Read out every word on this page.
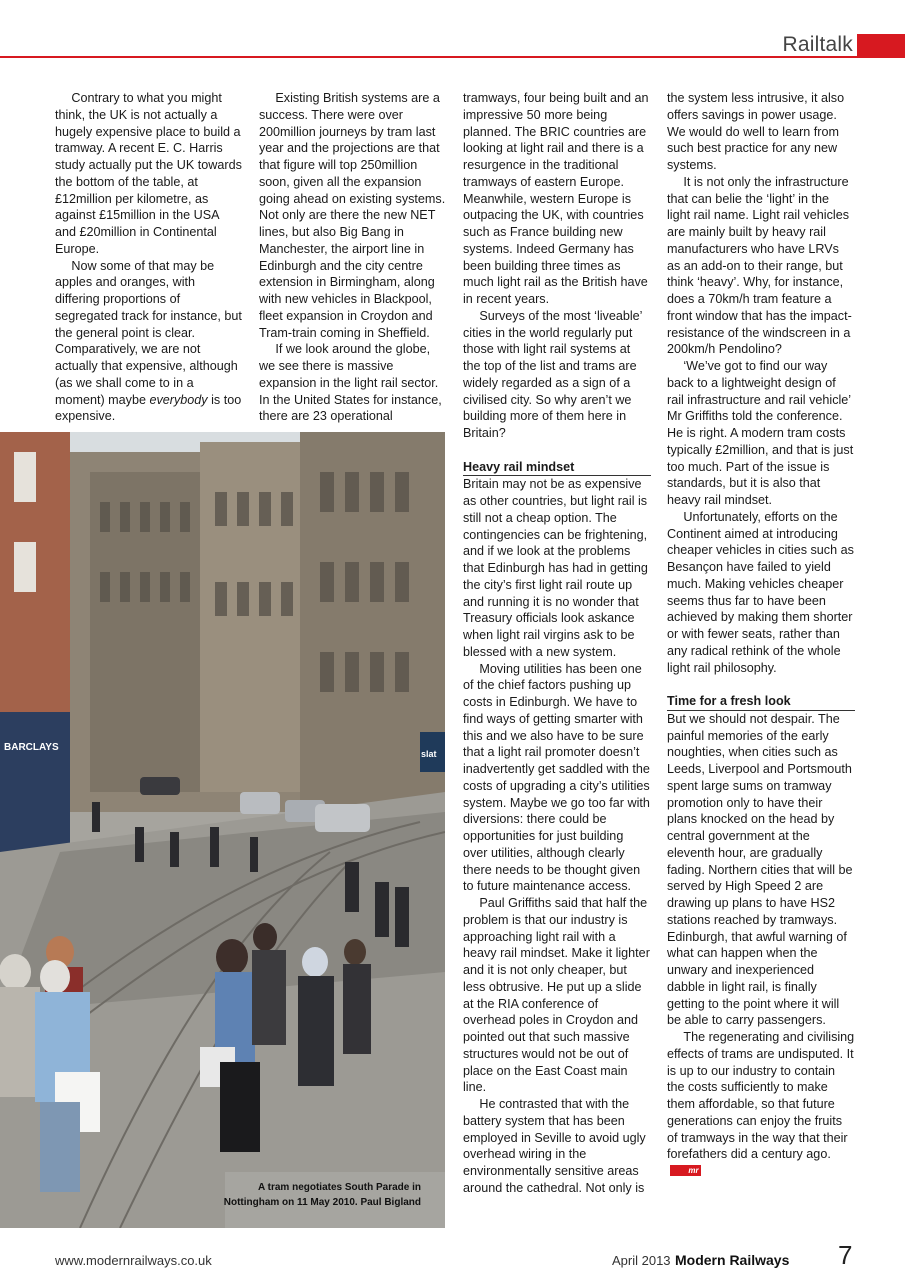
Railtalk

Contrary to what you might think, the UK is not actually a hugely expensive place to build a tramway. A recent E. C. Harris study actually put the UK towards the bottom of the table, at £12million per kilometre, as against £15million in the USA and £20million in Continental Europe.

Now some of that may be apples and oranges, with differing proportions of segregated track for instance, but the general point is clear. Comparatively, we are not actually that expensive, although (as we shall come to in a moment) maybe everybody is too expensive.

Existing British systems are a success. There were over 200million journeys by tram last year and the projections are that that figure will top 250million soon, given all the expansion going ahead on existing systems. Not only are there the new NET lines, but also Big Bang in Manchester, the airport line in Edinburgh and the city centre extension in Birmingham, along with new vehicles in Blackpool, fleet expansion in Croydon and Tram-train coming in Sheffield.

If we look around the globe, we see there is massive expansion in the light rail sector. In the United States for instance, there are 23 operational

tramways, four being built and an impressive 50 more being planned. The BRIC countries are looking at light rail and there is a resurgence in the traditional tramways of eastern Europe. Meanwhile, western Europe is outpacing the UK, with countries such as France building new systems. Indeed Germany has been building three times as much light rail as the British have in recent years.

Surveys of the most ‘liveable’ cities in the world regularly put those with light rail systems at the top of the list and trams are widely regarded as a sign of a civilised city. So why aren’t we building more of them here in Britain?

Heavy rail mindset

Britain may not be as expensive as other countries, but light rail is still not a cheap option. The contingencies can be frightening, and if we look at the problems that Edinburgh has had in getting the city’s first light rail route up and running it is no wonder that Treasury officials look askance when light rail virgins ask to be blessed with a new system.

Moving utilities has been one of the chief factors pushing up costs in Edinburgh. We have to find ways of getting smarter with this and we also have to be sure that a light rail promoter doesn’t inadvertently get saddled with the costs of upgrading a city’s utilities system. Maybe we go too far with diversions: there could be opportunities for just building over utilities, although clearly there needs to be thought given to future maintenance access.

Paul Griffiths said that half the problem is that our industry is approaching light rail with a heavy rail mindset. Make it lighter and it is not only cheaper, but less obtrusive. He put up a slide at the RIA conference of overhead poles in Croydon and pointed out that such massive structures would not be out of place on the East Coast main line.

He contrasted that with the battery system that has been employed in Seville to avoid ugly overhead wiring in the environmentally sensitive areas around the cathedral. Not only is

the system less intrusive, it also offers savings in power usage. We would do well to learn from such best practice for any new systems.

It is not only the infrastructure that can belie the ‘light’ in the light rail name. Light rail vehicles are mainly built by heavy rail manufacturers who have LRVs as an add-on to their range, but think ‘heavy’. Why, for instance, does a 70km/h tram feature a front window that has the impact-resistance of the windscreen in a 200km/h Pendolino?

‘We’ve got to find our way back to a lightweight design of rail infrastructure and rail vehicle’ Mr Griffiths told the conference. He is right. A modern tram costs typically £2million, and that is just too much. Part of the issue is standards, but it is also that heavy rail mindset.

Unfortunately, efforts on the Continent aimed at introducing cheaper vehicles in cities such as Besançon have failed to yield much. Making vehicles cheaper seems thus far to have been achieved by making them shorter or with fewer seats, rather than any radical rethink of the whole light rail philosophy.

Time for a fresh look

But we should not despair. The painful memories of the early noughties, when cities such as Leeds, Liverpool and Portsmouth spent large sums on tramway promotion only to have their plans knocked on the head by central government at the eleventh hour, are gradually fading. Northern cities that will be served by High Speed 2 are drawing up plans to have HS2 stations reached by tramways. Edinburgh, that awful warning of what can happen when the unwary and inexperienced dabble in light rail, is finally getting to the point where it will be able to carry passengers.

The regenerating and civilising effects of trams are undisputed. It is up to our industry to contain the costs sufficiently to make them affordable, so that future generations can enjoy the fruits of tramways in the way that their forefathers did a century ago.mr

BARCLAYS
slat
A tram negotiates South Parade in Nottingham on 11 May 2010. Paul Bigland
www.modernrailways.co.uk	April 2013 Modern Railways 7
